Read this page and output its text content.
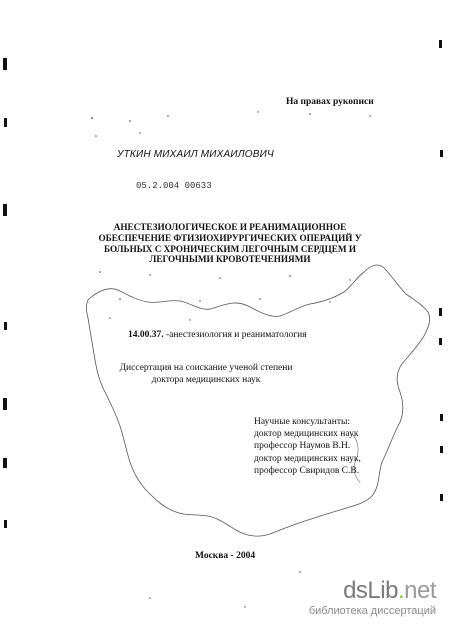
На правах рукописи
УТКИН МИХАИЛ МИХАИЛОВИЧ
05.2.004 00633
АНЕСТЕЗИОЛОГИЧЕСКОЕ И РЕАНИМАЦИОННОЕ
ОБЕСПЕЧЕНИЕ ФТИЗИОХИРУРГИЧЕСКИХ ОПЕРАЦИЙ У
БОЛЬНЫХ С ХРОНИЧЕСКИМ ЛЕГОЧНЫМ СЕРДЦЕМ И
ЛЕГОЧНЫМИ КРОВОТЕЧЕНИЯМИ
14.00.37. -анестезиология и реаниматология
Диссертация на соискание ученой степени
доктора медицинских наук
Научные консультанты:
доктор медицинских наук
профессор Наумов В.Н.
доктор медицинских наук,
профессор Свиридов С.В.
Москва - 2004
dsLib.net
библиотека диссертаций
